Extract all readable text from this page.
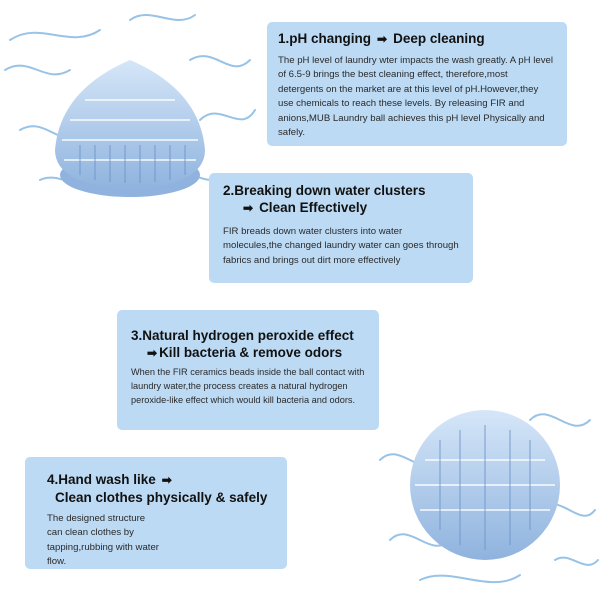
1.pH changing ➡ Deep cleaning

The pH level of laundry wter impacts the wash greatly. A pH level of 6.5-9 brings the best cleaning effect, therefore,most detergents on the market are at this level of pH.However,they use chemicals to reach these levels. By releasing FIR and anions,MUB Laundry ball achieves this pH level Physically and safely.

2.Breaking down water clusters
➡ Clean Effectively

FIR breads down water clusters into water molecules,the changed laundry water can goes through fabrics and brings out dirt more effectively

3.Natural hydrogen peroxide effect
➡ Kill bacteria & remove odors

When the FIR ceramics beads inside the ball contact with laundry water,the process creates a natural hydrogen peroxide-like effect which would kill bacteria and odors.

4.Hand wash like ➡
Clean clothes physically & safely

The designed structure can clean clothes by tapping,rubbing with water flow.
